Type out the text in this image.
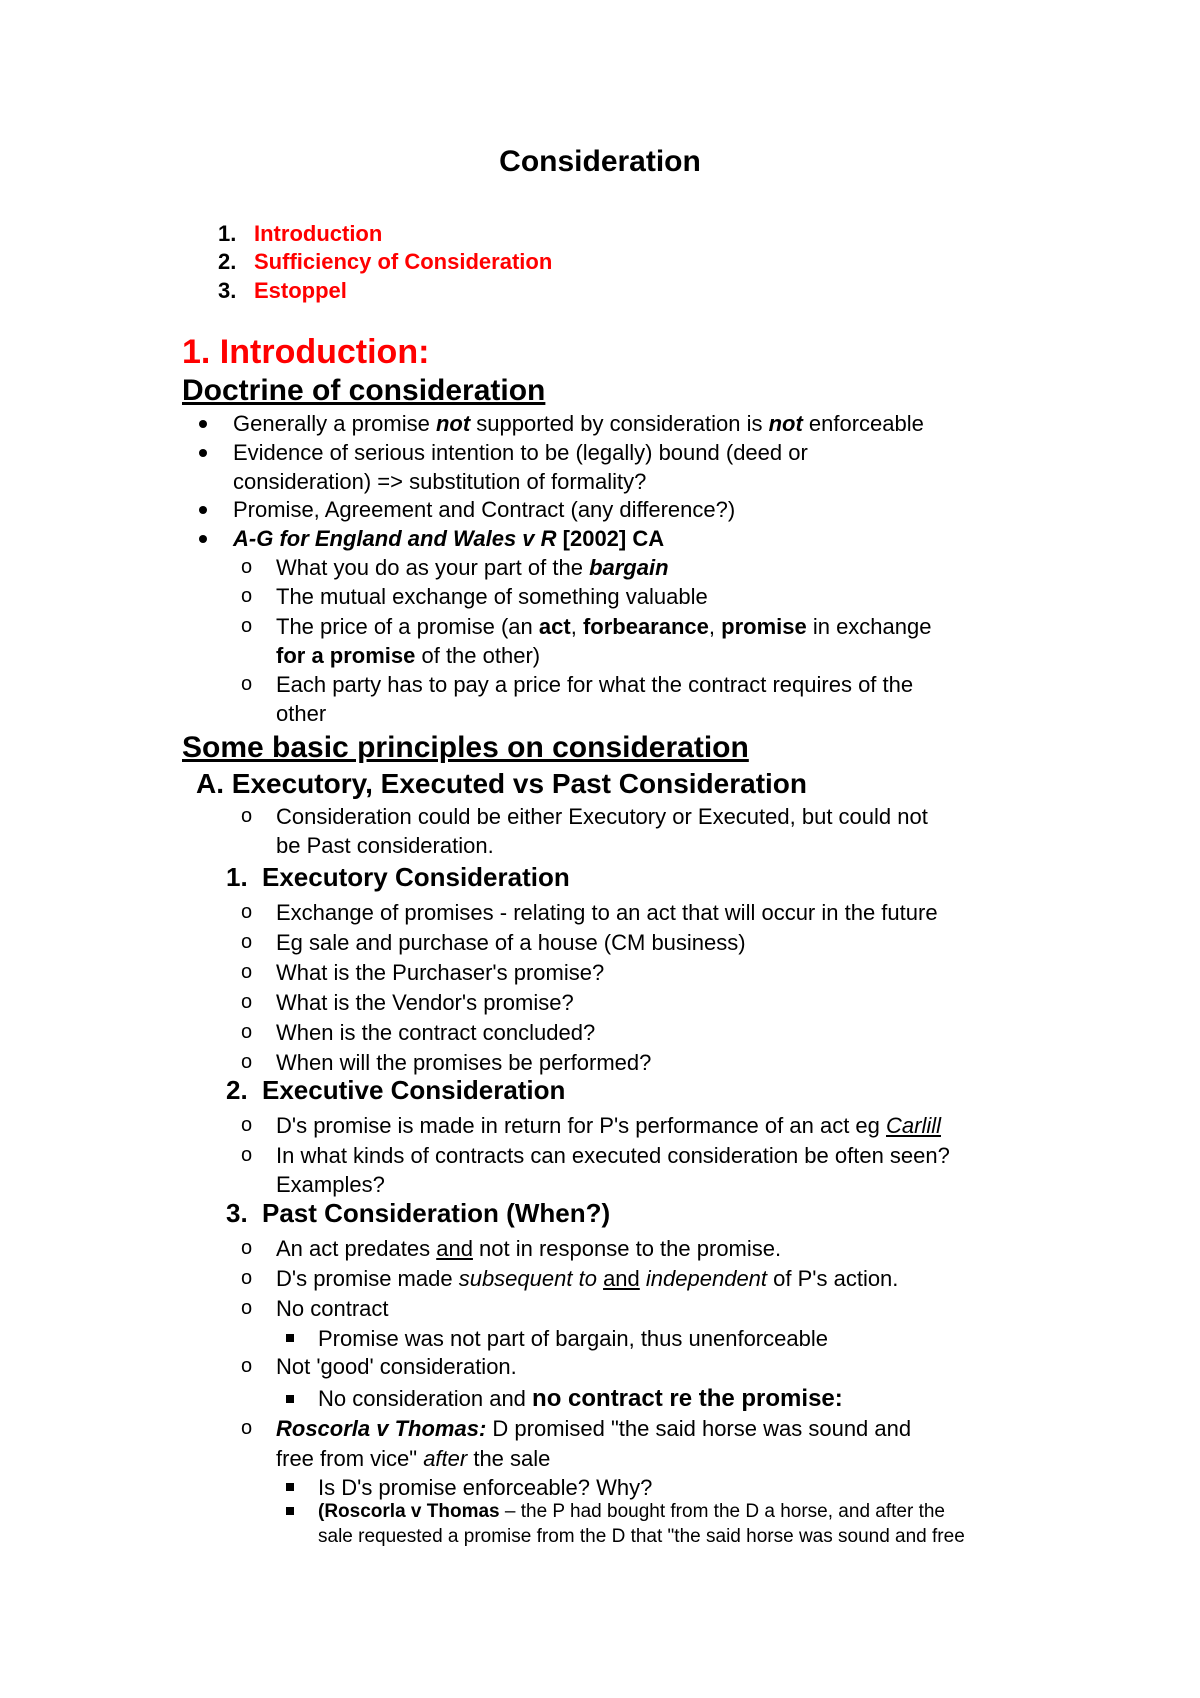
Consideration
1. Introduction
2. Sufficiency of Consideration
3. Estoppel
1. Introduction:
Doctrine of consideration
Generally a promise not supported by consideration is not enforceable
Evidence of serious intention to be (legally) bound (deed or
consideration) => substitution of formality?
Promise, Agreement and Contract (any difference?)
A-G for England and Wales v R [2002] CA
o What you do as your part of the bargain
o The mutual exchange of something valuable
o The price of a promise (an act, forbearance, promise in exchange
for a promise of the other)
o Each party has to pay a price for what the contract requires of the
other
Some basic principles on consideration
A. Executory, Executed vs Past Consideration
o Consideration could be either Executory or Executed, but could not
be Past consideration.
1. Executory Consideration
o Exchange of promises - relating to an act that will occur in the future
o Eg sale and purchase of a house (CM business)
o What is the Purchaser's promise?
o What is the Vendor's promise?
o When is the contract concluded?
o When will the promises be performed?
2. Executive Consideration
o D's promise is made in return for P's performance of an act eg Carlill
o In what kinds of contracts can executed consideration be often seen?
Examples?
3. Past Consideration (When?)
o An act predates and not in response to the promise.
o D's promise made subsequent to and independent of P's action.
o No contract
Promise was not part of bargain, thus unenforceable
o Not 'good' consideration.
No consideration and no contract re the promise:
o Roscorla v Thomas: D promised "the said horse was sound and
free from vice" after the sale
Is D's promise enforceable? Why?
(Roscorla v Thomas – the P had bought from the D a horse, and after the
sale requested a promise from the D that "the said horse was sound and free
